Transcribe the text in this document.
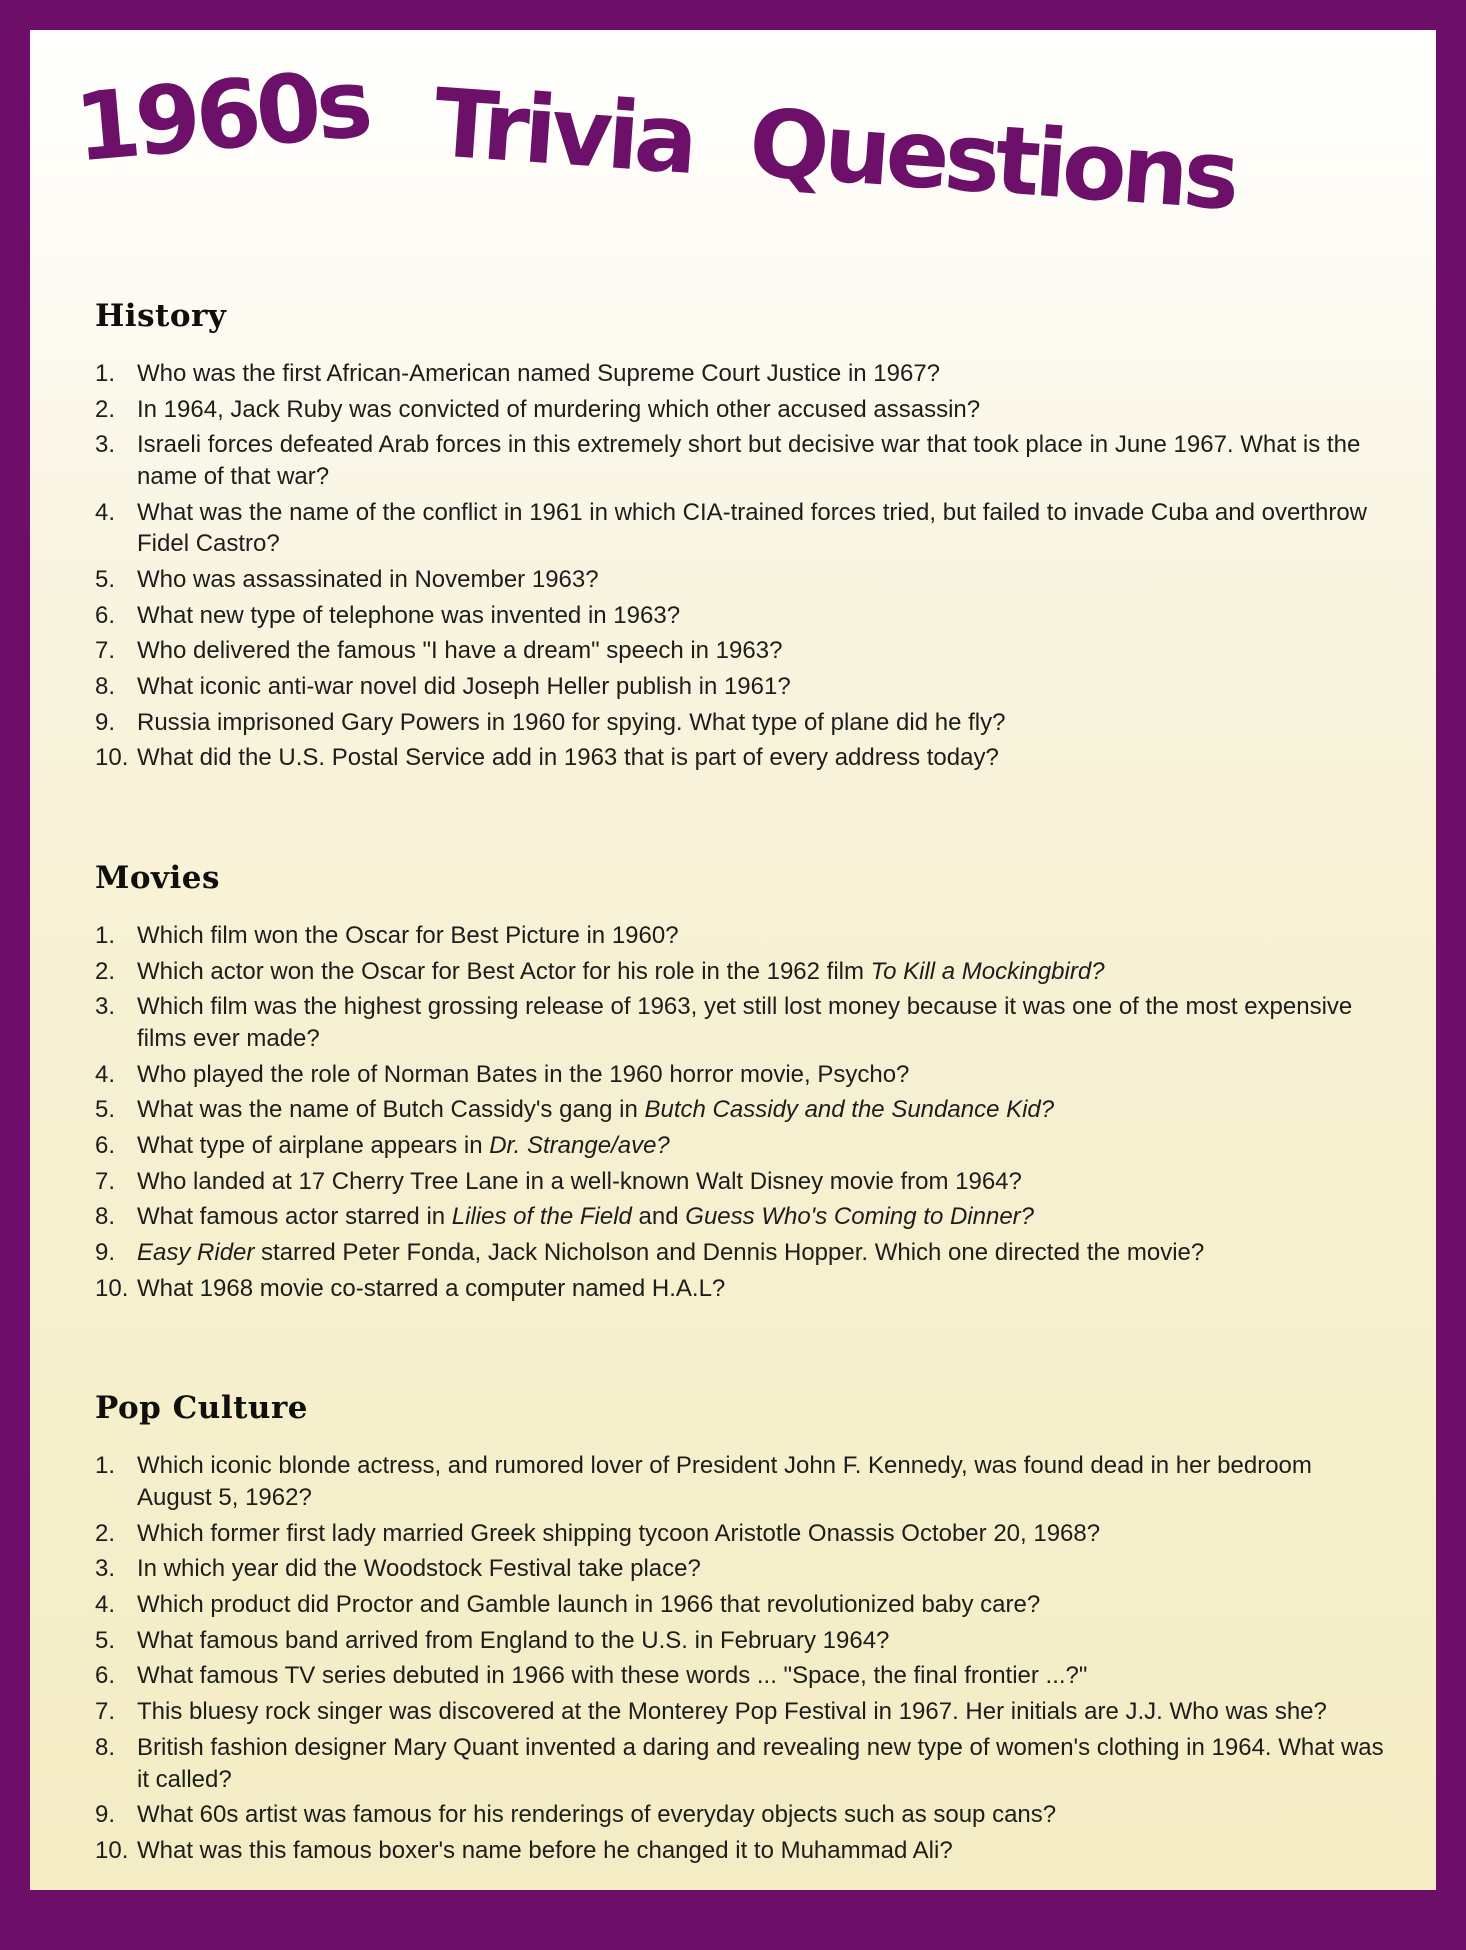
1960s Trivia Questions
History
1. Who was the first African-American named Supreme Court Justice in 1967?
2. In 1964, Jack Ruby was convicted of murdering which other accused assassin?
3. Israeli forces defeated Arab forces in this extremely short but decisive war that took place in June 1967. What is the name of that war?
4. What was the name of the conflict in 1961 in which CIA-trained forces tried, but failed to invade Cuba and overthrow Fidel Castro?
5. Who was assassinated in November 1963?
6. What new type of telephone was invented in 1963?
7. Who delivered the famous "I have a dream" speech in 1963?
8. What iconic anti-war novel did Joseph Heller publish in 1961?
9. Russia imprisoned Gary Powers in 1960 for spying. What type of plane did he fly?
10. What did the U.S. Postal Service add in 1963 that is part of every address today?
Movies
1. Which film won the Oscar for Best Picture in 1960?
2. Which actor won the Oscar for Best Actor for his role in the 1962 film To Kill a Mockingbird?
3. Which film was the highest grossing release of 1963, yet still lost money because it was one of the most expensive films ever made?
4. Who played the role of Norman Bates in the 1960 horror movie, Psycho?
5. What was the name of Butch Cassidy's gang in Butch Cassidy and the Sundance Kid?
6. What type of airplane appears in Dr. Strange/ave?
7. Who landed at 17 Cherry Tree Lane in a well-known Walt Disney movie from 1964?
8. What famous actor starred in Lilies of the Field and Guess Who's Coming to Dinner?
9. Easy Rider starred Peter Fonda, Jack Nicholson and Dennis Hopper. Which one directed the movie?
10. What 1968 movie co-starred a computer named H.A.L?
Pop Culture
1. Which iconic blonde actress, and rumored lover of President John F. Kennedy, was found dead in her bedroom August 5, 1962?
2. Which former first lady married Greek shipping tycoon Aristotle Onassis October 20, 1968?
3. In which year did the Woodstock Festival take place?
4. Which product did Proctor and Gamble launch in 1966 that revolutionized baby care?
5. What famous band arrived from England to the U.S. in February 1964?
6. What famous TV series debuted in 1966 with these words ... "Space, the final frontier ...?"
7. This bluesy rock singer was discovered at the Monterey Pop Festival in 1967. Her initials are J.J. Who was she?
8. British fashion designer Mary Quant invented a daring and revealing new type of women's clothing in 1964. What was it called?
9. What 60s artist was famous for his renderings of everyday objects such as soup cans?
10. What was this famous boxer's name before he changed it to Muhammad Ali?
